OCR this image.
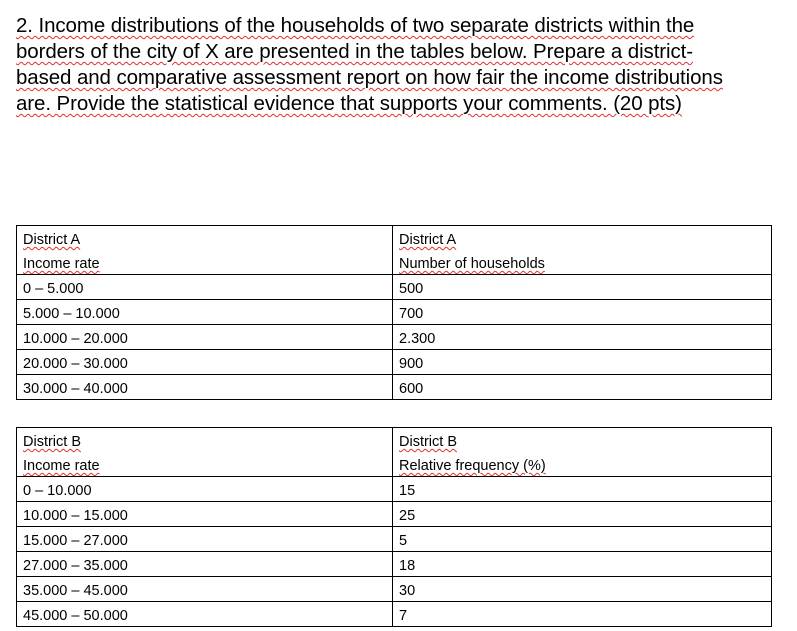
2. Income distributions of the households of two separate districts within the
borders of the city of X are presented in the tables below. Prepare a district-
based and comparative assessment report on how fair the income distributions
are. Provide the statistical evidence that supports your comments. (20 pts)
District A	District A
Income rate	Number of households
0 – 5.000	500
5.000 – 10.000	700
10.000 – 20.000	2.300
20.000 – 30.000	900
30.000 – 40.000	600
District B	District B
Income rate	Relative frequency (%)
0 – 10.000	15
10.000 – 15.000	25
15.000 – 27.000	5
27.000 – 35.000	18
35.000 – 45.000	30
45.000 – 50.000	7
